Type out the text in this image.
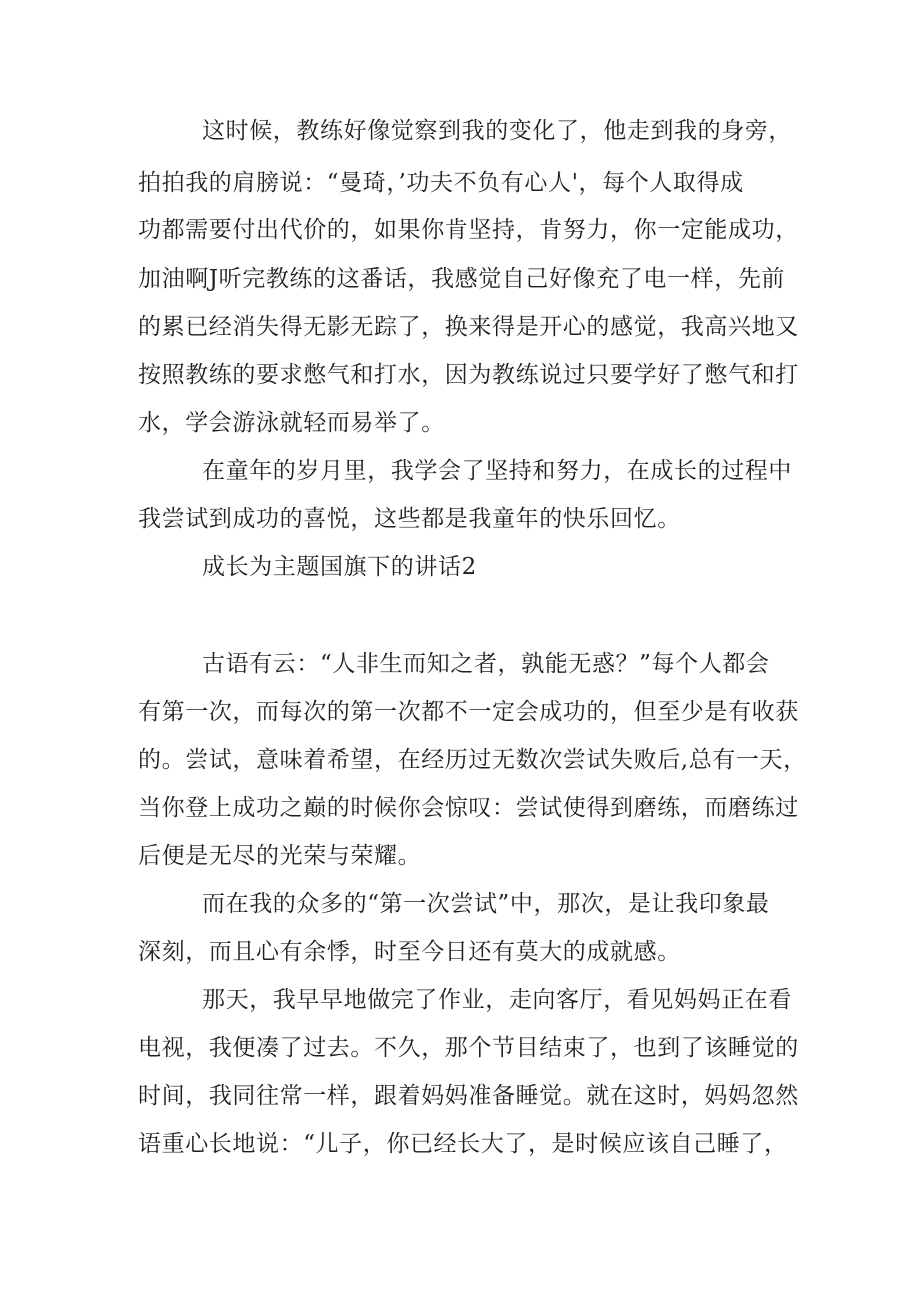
这时候，教练好像觉察到我的变化了，他走到我的身旁，
拍拍我的肩膀说：“曼琦，’功夫不负有心人'，每个人取得成
功都需要付出代价的，如果你肯坚持，肯努力，你一定能成功，
加油啊J听完教练的这番话，我感觉自己好像充了电一样，先前
的累已经消失得无影无踪了，换来得是开心的感觉，我高兴地又
按照教练的要求憋气和打水，因为教练说过只要学好了憋气和打
水，学会游泳就轻而易举了。
在童年的岁月里，我学会了坚持和努力，在成长的过程中
我尝试到成功的喜悦，这些都是我童年的快乐回忆。
成长为主题国旗下的讲话2
古语有云：“人非生而知之者，孰能无惑？”每个人都会
有第一次，而每次的第一次都不一定会成功的，但至少是有收获
的。尝试，意味着希望，在经历过无数次尝试失败后,总有一天，
当你登上成功之巅的时候你会惊叹：尝试使得到磨练，而磨练过
后便是无尽的光荣与荣耀。
而在我的众多的“第一次尝试”中，那次，是让我印象最
深刻，而且心有余悸，时至今日还有莫大的成就感。
那天，我早早地做完了作业，走向客厅，看见妈妈正在看
电视，我便凑了过去。不久，那个节目结束了，也到了该睡觉的
时间，我同往常一样，跟着妈妈准备睡觉。就在这时，妈妈忽然
语重心长地说：“儿子，你已经长大了，是时候应该自己睡了，
